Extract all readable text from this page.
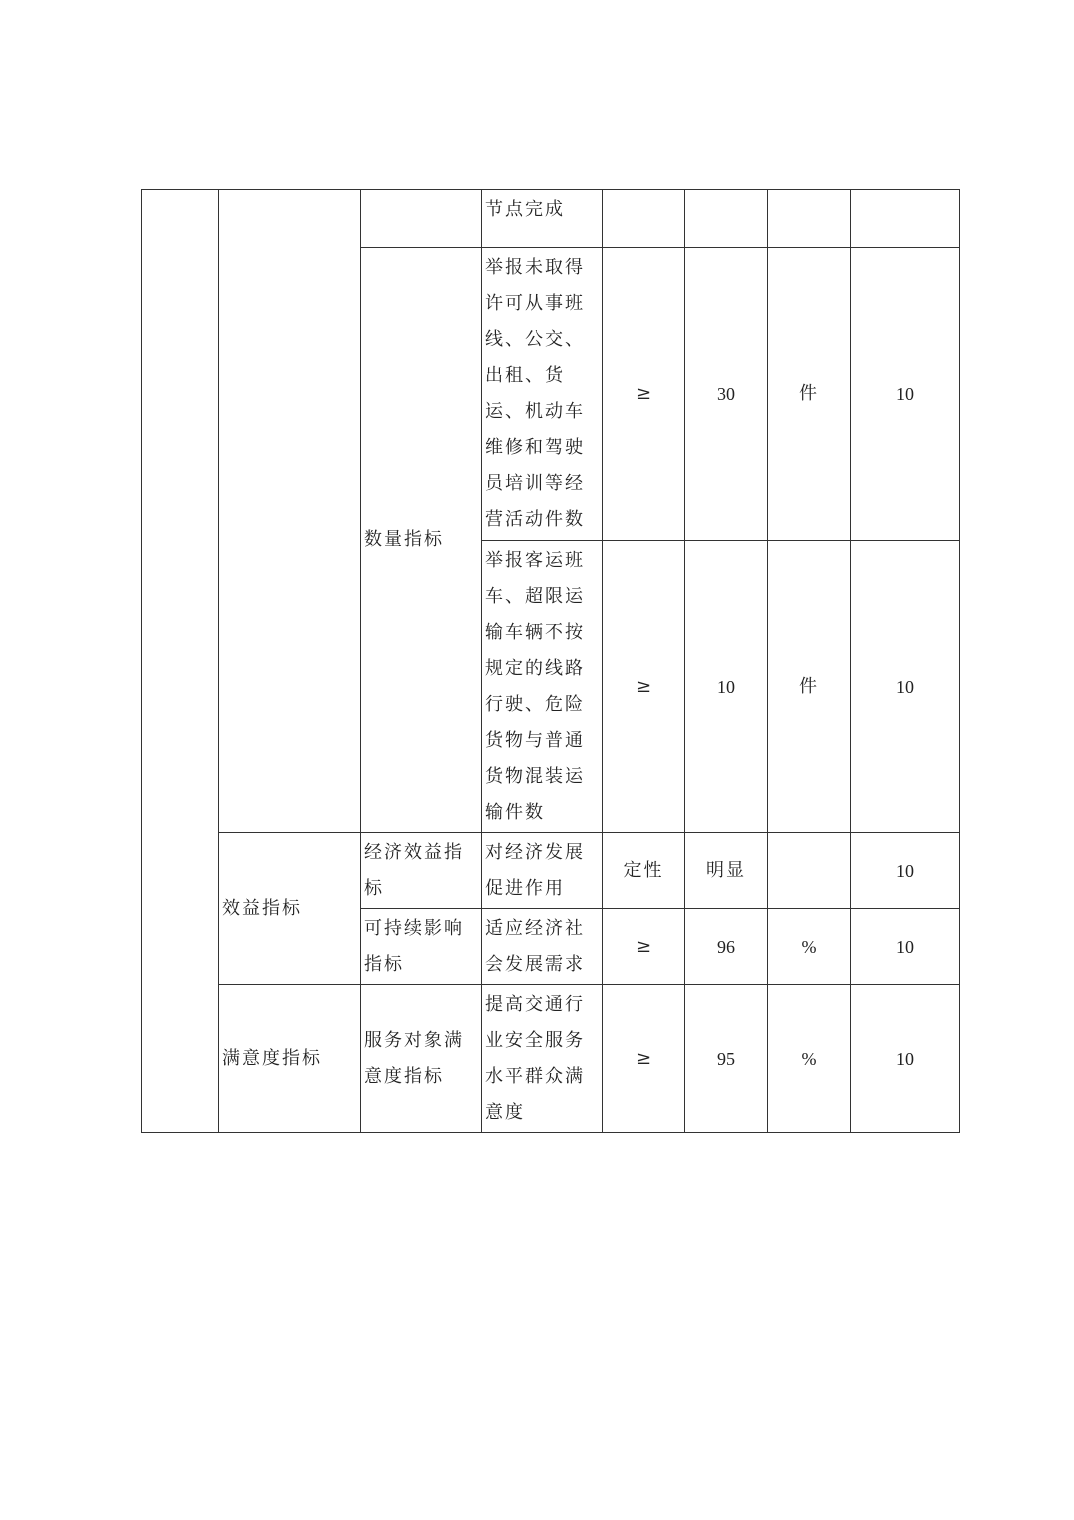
			节点完成				

		数量指标	举报未取得许可从事班线、公交、出租、货运、机动车维修和驾驶员培训等经营活动件数	≥	30	件	10

			举报客运班车、超限运输车辆不按规定的线路行驶、危险货物与普通货物混装运输件数	≥	10	件	10
	效益指标	经济效益指标	对经济发展促进作用	定性	明显		10

		可持续影响指标	适应经济社会发展需求	≥	96	%	10
	满意度指标	服务对象满意度指标	提高交通行业安全服务水平群众满意度	≥	95	%	10
